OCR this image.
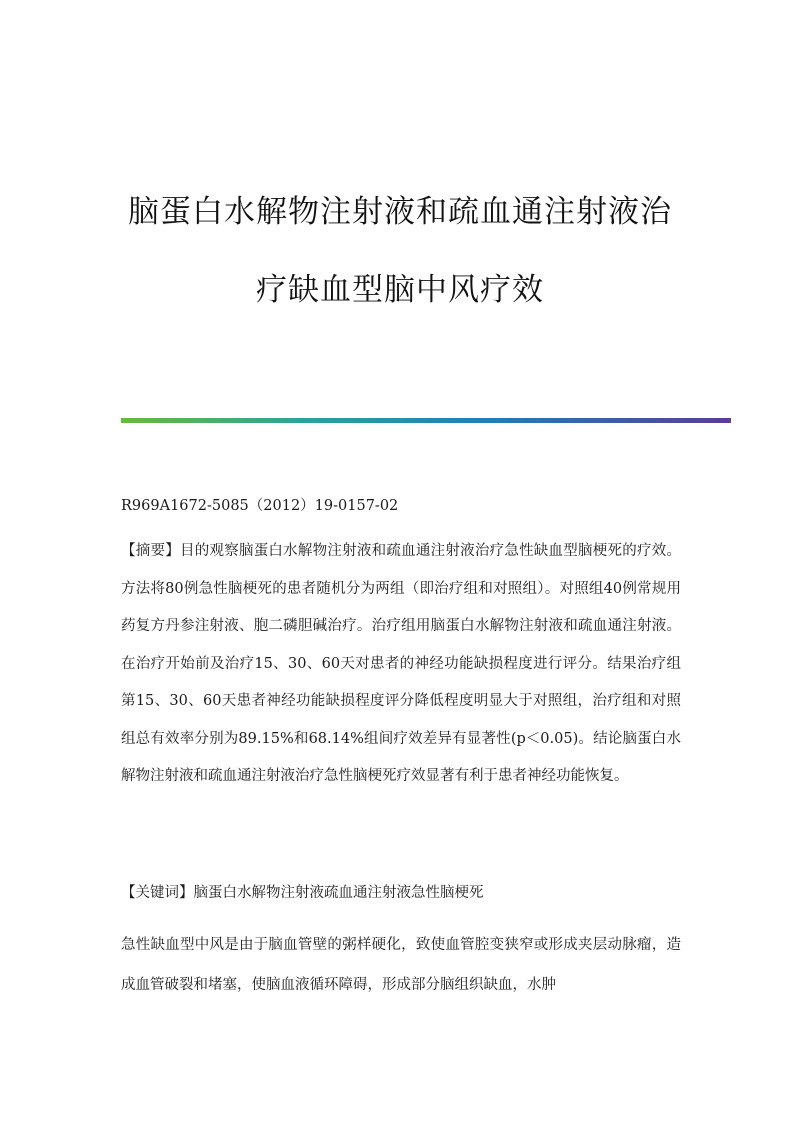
脑蛋白水解物注射液和疏血通注射液治
疗缺血型脑中风疗效
R969A1672-5085（2012）19-0157-02
【摘要】目的观察脑蛋白水解物注射液和疏血通注射液治疗急性缺血型脑梗死的疗效。方法将80例急性脑梗死的患者随机分为两组（即治疗组和对照组）。对照组40例常规用药复方丹参注射液、胞二磷胆碱治疗。治疗组用脑蛋白水解物注射液和疏血通注射液。在治疗开始前及治疗15、30、60天对患者的神经功能缺损程度进行评分。结果治疗组第15、30、60天患者神经功能缺损程度评分降低程度明显大于对照组，治疗组和对照组总有效率分别为89.15%和68.14%组间疗效差异有显著性(p＜0.05)。结论脑蛋白水解物注射液和疏血通注射液治疗急性脑梗死疗效显著有利于患者神经功能恢复。
【关键词】脑蛋白水解物注射液疏血通注射液急性脑梗死
急性缺血型中风是由于脑血管壁的粥样硬化，致使血管腔变狭窄或形成夹层动脉瘤，造成血管破裂和堵塞，使脑血液循环障碍，形成部分脑组织缺血，水肿
